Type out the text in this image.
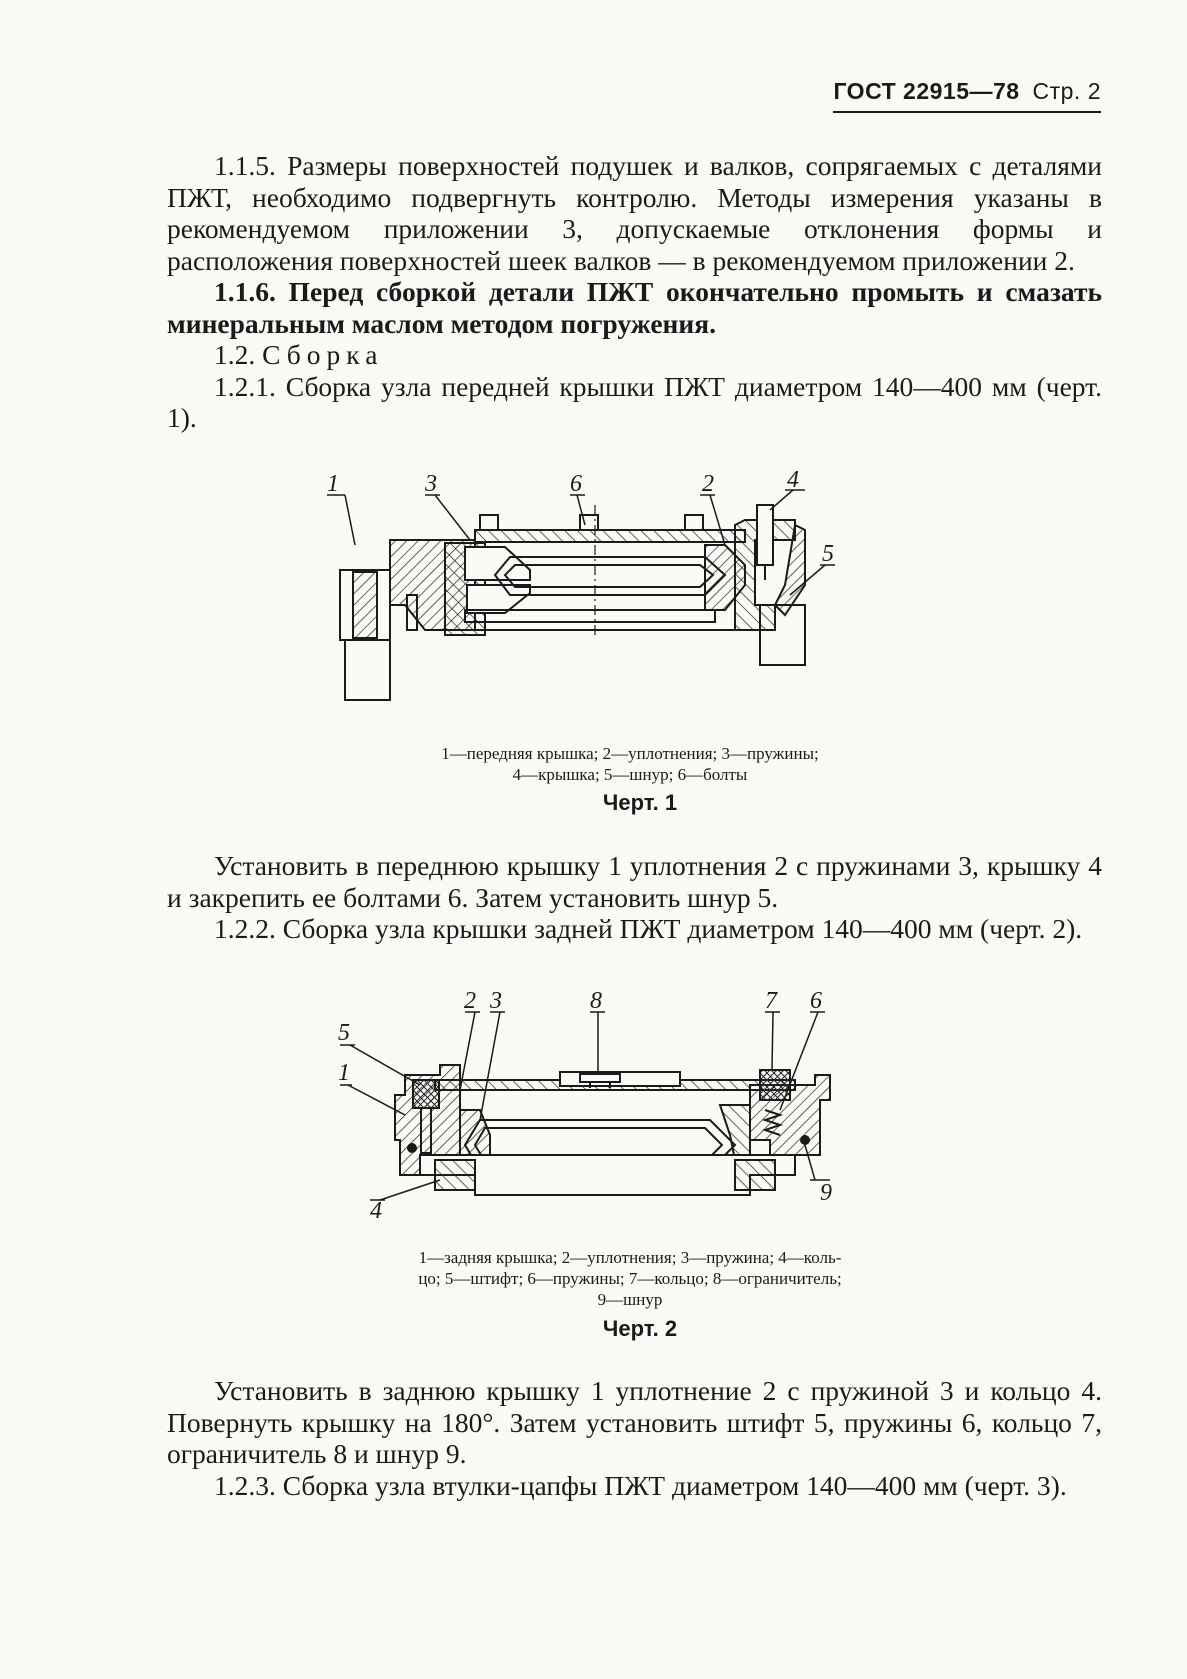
ГОСТ 22915—78 Стр. 2

1.1.5. Размеры поверхностей подушек и валков, сопрягаемых с деталями ПЖТ, необходимо подвергнуть контролю. Методы измерения указаны в рекомендуемом приложении 3, допускаемые отклонения формы и расположения поверхностей шеек валков — в рекомендуемом приложении 2.

1.1.6. Перед сборкой детали ПЖТ окончательно промыть и смазать минеральным маслом методом погружения.

1.2. Сборка

1.2.1. Сборка узла передней крышки ПЖТ диаметром 140—400 мм (черт. 1).

1	3	6	2	4
5
1—передняя крышка; 2—уплотнения; 3—пружины;
4—крышка; 5—шнур; 6—болты
Черт. 1

Установить в переднюю крышку 1 уплотнения 2 с пружинами 3, крышку 4 и закрепить ее болтами 6. Затем установить шнур 5.

1.2.2. Сборка узла крышки задней ПЖТ диаметром 140—400 мм (черт. 2).

5
1
2 3	8	7 6
9
4
1—задняя крышка; 2—уплотнения; 3—пружина; 4—коль-
цо; 5—штифт; 6—пружины; 7—кольцо; 8—ограничитель;
9—шнур
Черт. 2

Установить в заднюю крышку 1 уплотнение 2 с пружиной 3 и кольцо 4. Повернуть крышку на 180°. Затем установить штифт 5, пружины 6, кольцо 7, ограничитель 8 и шнур 9.

1.2.3. Сборка узла втулки-цапфы ПЖТ диаметром 140—400 мм (черт. 3).
